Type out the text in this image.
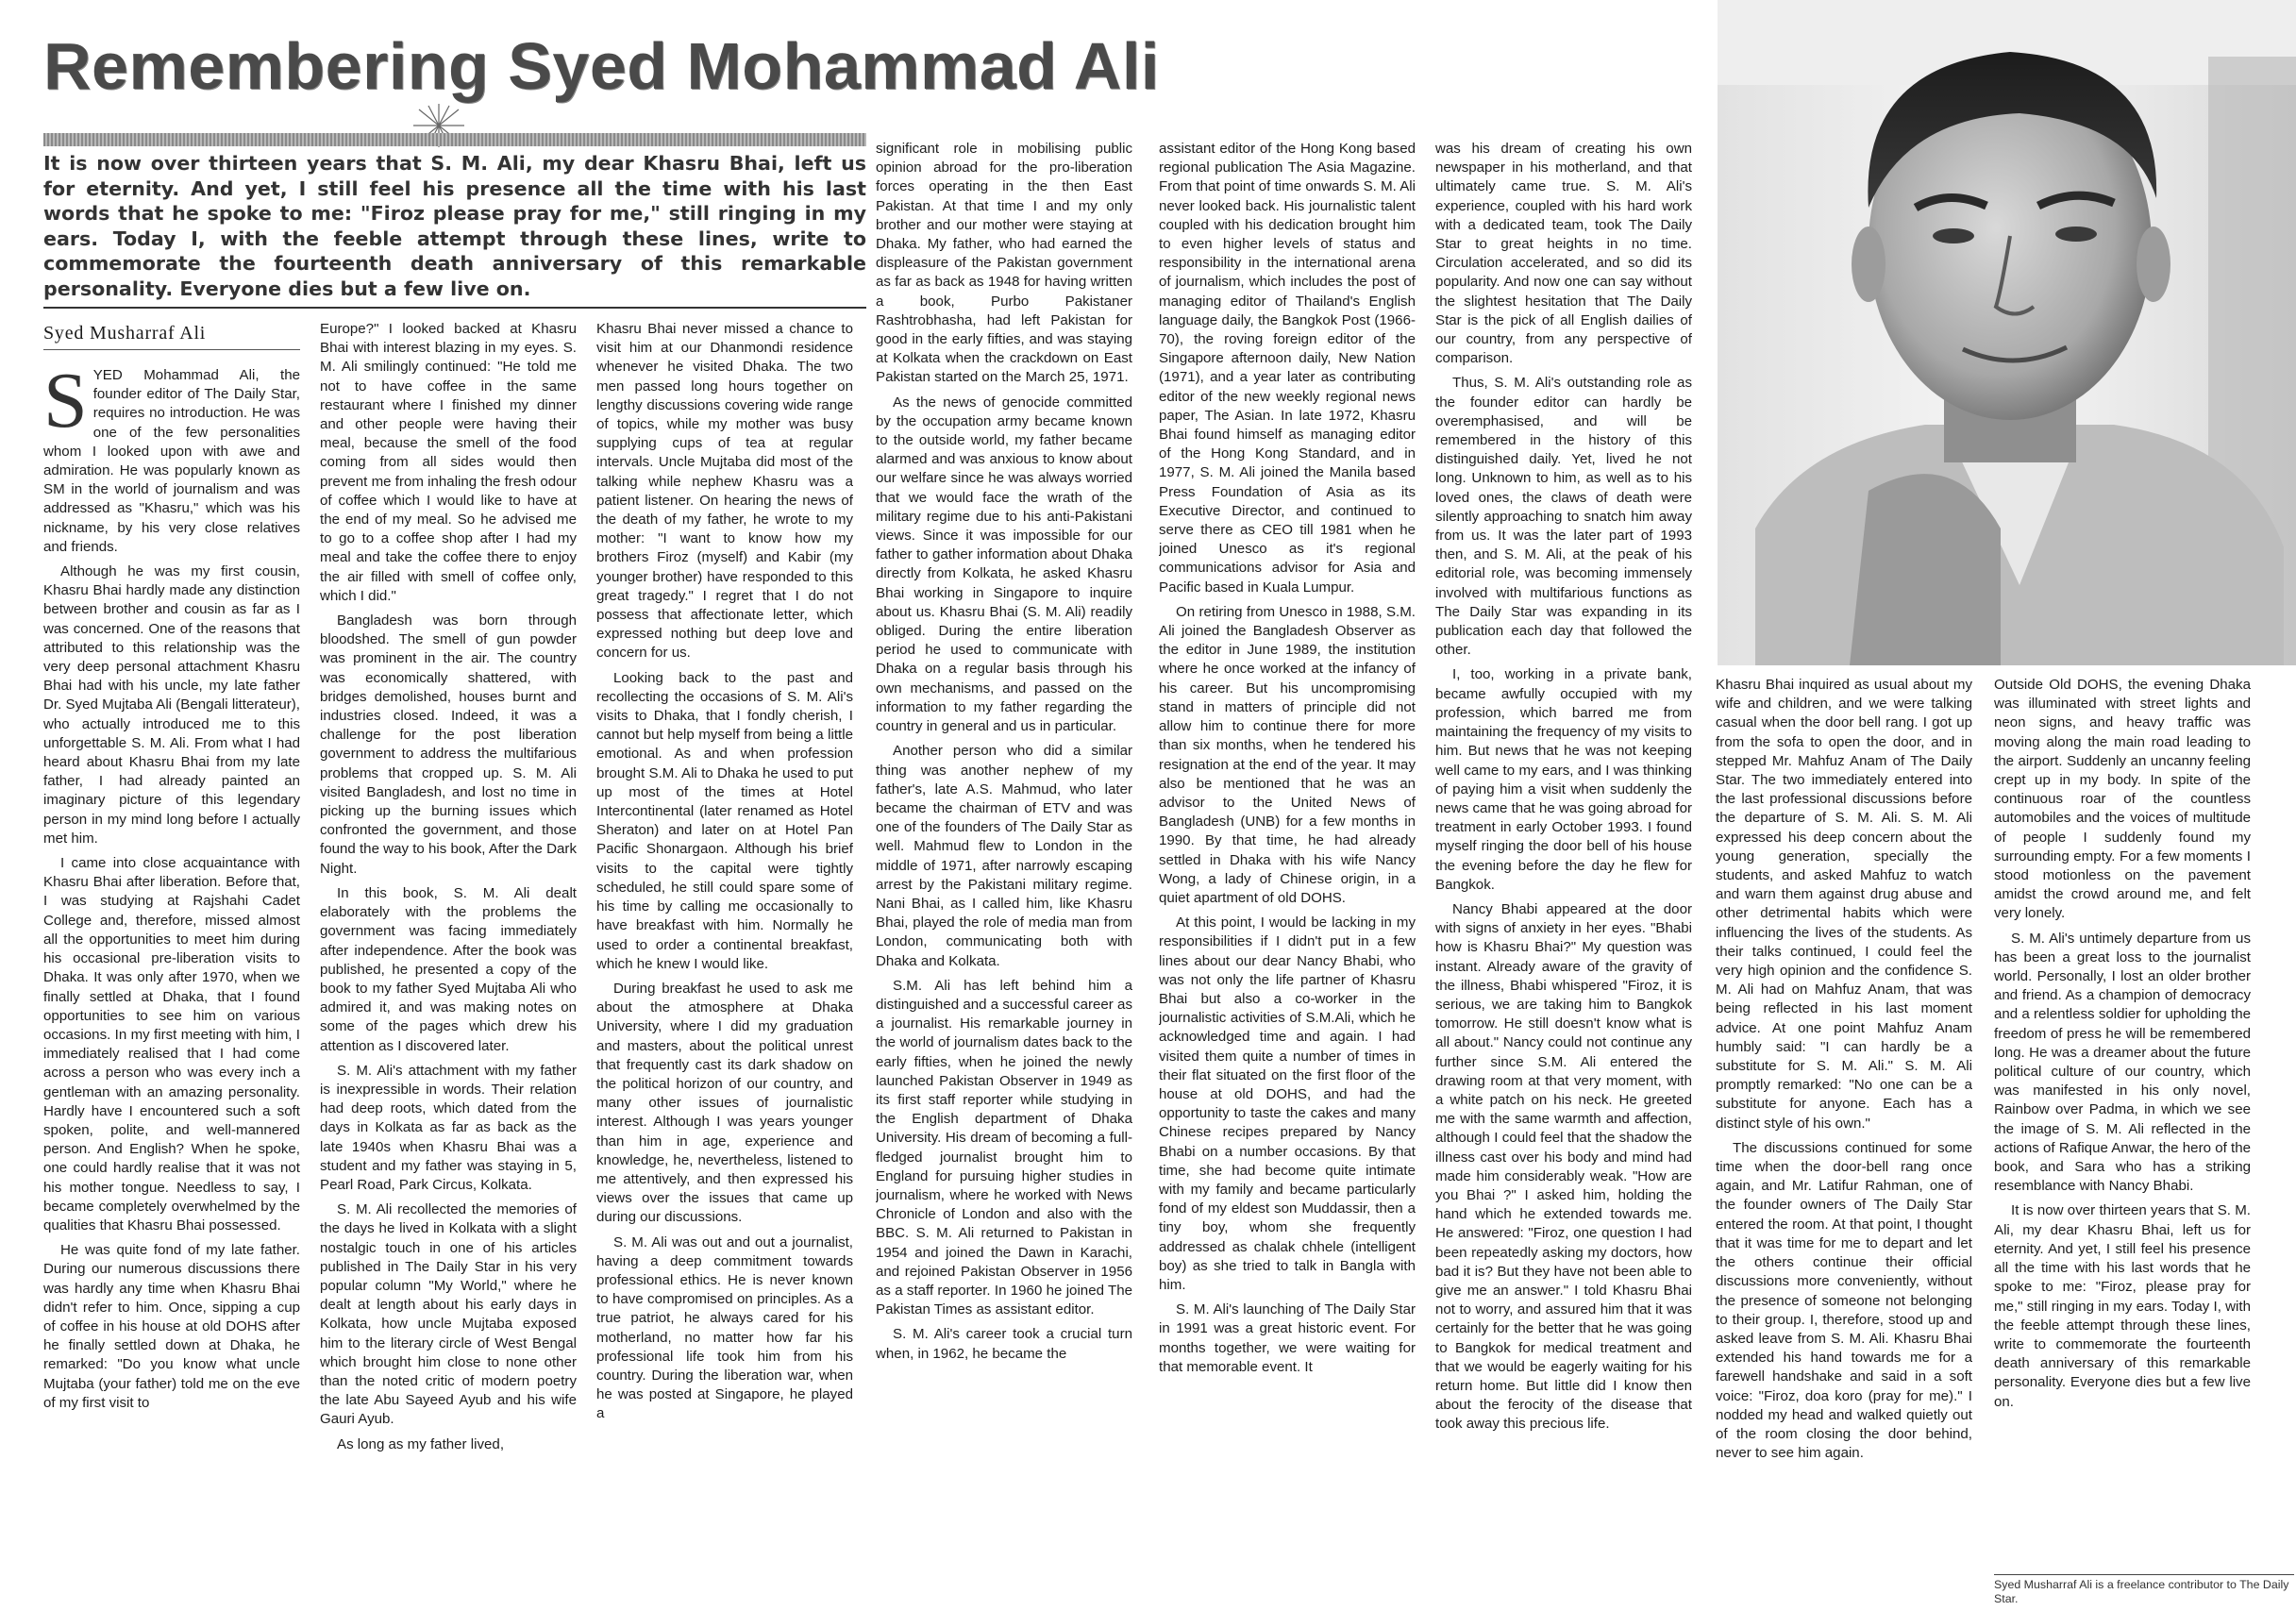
Remembering Syed Mohammad Ali

It is now over thirteen years that S. M. Ali, my dear Khasru Bhai, left us for eternity. And yet, I still feel his presence all the time with his last words that he spoke to me: "Firoz please pray for me," still ringing in my ears. Today I, with the feeble attempt through these lines, write to commemorate the fourteenth death anniversary of this remarkable personality. Everyone dies but a few live on.

Syed Musharraf Ali

SYED Mohammad Ali, the founder editor of The Daily Star, requires no introduction. He was one of the few personalities whom I looked upon with awe and admiration. He was popularly known as SM in the world of journalism and was addressed as "Khasru," which was his nickname, by his very close relatives and friends.

Although he was my first cousin, Khasru Bhai hardly made any distinction between brother and cousin as far as I was concerned. One of the reasons that attributed to this relationship was the very deep personal attachment Khasru Bhai had with his uncle, my late father Dr. Syed Mujtaba Ali (Bengali litterateur), who actually introduced me to this unforgettable S. M. Ali. From what I had heard about Khasru Bhai from my late father, I had already painted an imaginary picture of this legendary person in my mind long before I actually met him.

I came into close acquaintance with Khasru Bhai after liberation. Before that, I was studying at Rajshahi Cadet College and, therefore, missed almost all the opportunities to meet him during his occasional pre-liberation visits to Dhaka. It was only after 1970, when we finally settled at Dhaka, that I found opportunities to see him on various occasions. In my first meeting with him, I immediately realised that I had come across a person who was every inch a gentleman with an amazing personality. Hardly have I encountered such a soft spoken, polite, and well-mannered person. And English? When he spoke, one could hardly realise that it was not his mother tongue. Needless to say, I became completely overwhelmed by the qualities that Khasru Bhai possessed.

He was quite fond of my late father. During our numerous discussions there was hardly any time when Khasru Bhai didn't refer to him. Once, sipping a cup of coffee in his house at old DOHS after he finally settled down at Dhaka, he remarked: "Do you know what uncle Mujtaba (your father) told me on the eve of my first visit to

Europe?" I looked backed at Khasru Bhai with interest blazing in my eyes. S. M. Ali smilingly continued: "He told me not to have coffee in the same restaurant where I finished my dinner and other people were having their meal, because the smell of the food coming from all sides would then prevent me from inhaling the fresh odour of coffee which I would like to have at the end of my meal. So he advised me to go to a coffee shop after I had my meal and take the coffee there to enjoy the air filled with smell of coffee only, which I did."

Bangladesh was born through bloodshed. The smell of gun powder was prominent in the air. The country was economically shattered, with bridges demolished, houses burnt and industries closed. Indeed, it was a challenge for the post liberation government to address the multifarious problems that cropped up. S. M. Ali visited Bangladesh, and lost no time in picking up the burning issues which confronted the government, and those found the way to his book, After the Dark Night.

In this book, S. M. Ali dealt elaborately with the problems the government was facing immediately after independence. After the book was published, he presented a copy of the book to my father Syed Mujtaba Ali who admired it, and was making notes on some of the pages which drew his attention as I discovered later.

S. M. Ali's attachment with my father is inexpressible in words. Their relation had deep roots, which dated from the days in Kolkata as far as back as the late 1940s when Khasru Bhai was a student and my father was staying in 5, Pearl Road, Park Circus, Kolkata.

S. M. Ali recollected the memories of the days he lived in Kolkata with a slight nostalgic touch in one of his articles published in The Daily Star in his very popular column "My World," where he dealt at length about his early days in Kolkata, how uncle Mujtaba exposed him to the literary circle of West Bengal which brought him close to none other than the noted critic of modern poetry the late Abu Sayeed Ayub and his wife Gauri Ayub.

As long as my father lived,

Khasru Bhai never missed a chance to visit him at our Dhanmondi residence whenever he visited Dhaka. The two men passed long hours together on lengthy discussions covering wide range of topics, while my mother was busy supplying cups of tea at regular intervals. Uncle Mujtaba did most of the talking while nephew Khasru was a patient listener. On hearing the news of the death of my father, he wrote to my mother: "I want to know how my brothers Firoz (myself) and Kabir (my younger brother) have responded to this great tragedy." I regret that I do not possess that affectionate letter, which expressed nothing but deep love and concern for us.

Looking back to the past and recollecting the occasions of S. M. Ali's visits to Dhaka, that I fondly cherish, I cannot but help myself from being a little emotional. As and when profession brought S.M. Ali to Dhaka he used to put up most of the times at Hotel Intercontinental (later renamed as Hotel Sheraton) and later on at Hotel Pan Pacific Shonargaon. Although his brief visits to the capital were tightly scheduled, he still could spare some of his time by calling me occasionally to have breakfast with him. Normally he used to order a continental breakfast, which he knew I would like.

During breakfast he used to ask me about the atmosphere at Dhaka University, where I did my graduation and masters, about the political unrest that frequently cast its dark shadow on the political horizon of our country, and many other issues of journalistic interest. Although I was years younger than him in age, experience and knowledge, he, nevertheless, listened to me attentively, and then expressed his views over the issues that came up during our discussions.

S. M. Ali was out and out a journalist, having a deep commitment towards professional ethics. He is never known to have compromised on principles. As a true patriot, he always cared for his motherland, no matter how far his professional life took him from his country. During the liberation war, when he was posted at Singapore, he played a

significant role in mobilising public opinion abroad for the pro-liberation forces operating in the then East Pakistan. At that time I and my only brother and our mother were staying at Dhaka. My father, who had earned the displeasure of the Pakistan government as far as back as 1948 for having written a book, Purbo Pakistaner Rashtrobhasha, had left Pakistan for good in the early fifties, and was staying at Kolkata when the crackdown on East Pakistan started on the March 25, 1971.

As the news of genocide committed by the occupation army became known to the outside world, my father became alarmed and was anxious to know about our welfare since he was always worried that we would face the wrath of the military regime due to his anti-Pakistani views. Since it was impossible for our father to gather information about Dhaka directly from Kolkata, he asked Khasru Bhai working in Singapore to inquire about us. Khasru Bhai (S. M. Ali) readily obliged. During the entire liberation period he used to communicate with Dhaka on a regular basis through his own mechanisms, and passed on the information to my father regarding the country in general and us in particular.

Another person who did a similar thing was another nephew of my father's, late A.S. Mahmud, who later became the chairman of ETV and was one of the founders of The Daily Star as well. Mahmud flew to London in the middle of 1971, after narrowly escaping arrest by the Pakistani military regime. Nani Bhai, as I called him, like Khasru Bhai, played the role of media man from London, communicating both with Dhaka and Kolkata.

S.M. Ali has left behind him a distinguished and a successful career as a journalist. His remarkable journey in the world of journalism dates back to the early fifties, when he joined the newly launched Pakistan Observer in 1949 as its first staff reporter while studying in the English department of Dhaka University. His dream of becoming a full-fledged journalist brought him to England for pursuing higher studies in journalism, where he worked with News Chronicle of London and also with the BBC. S. M. Ali returned to Pakistan in 1954 and joined the Dawn in Karachi, and rejoined Pakistan Observer in 1956 as a staff reporter. In 1960 he joined The Pakistan Times as assistant editor.

S. M. Ali's career took a crucial turn when, in 1962, he became the

assistant editor of the Hong Kong based regional publication The Asia Magazine. From that point of time onwards S. M. Ali never looked back. His journalistic talent coupled with his dedication brought him to even higher levels of status and responsibility in the international arena of journalism, which includes the post of managing editor of Thailand's English language daily, the Bangkok Post (1966-70), the roving foreign editor of the Singapore afternoon daily, New Nation (1971), and a year later as contributing editor of the new weekly regional news paper, The Asian. In late 1972, Khasru Bhai found himself as managing editor of the Hong Kong Standard, and in 1977, S. M. Ali joined the Manila based Press Foundation of Asia as its Executive Director, and continued to serve there as CEO till 1981 when he joined Unesco as it's regional communications advisor for Asia and Pacific based in Kuala Lumpur.

On retiring from Unesco in 1988, S.M. Ali joined the Bangladesh Observer as the editor in June 1989, the institution where he once worked at the infancy of his career. But his uncompromising stand in matters of principle did not allow him to continue there for more than six months, when he tendered his resignation at the end of the year. It may also be mentioned that he was an advisor to the United News of Bangladesh (UNB) for a few months in 1990. By that time, he had already settled in Dhaka with his wife Nancy Wong, a lady of Chinese origin, in a quiet apartment of old DOHS.

At this point, I would be lacking in my responsibilities if I didn't put in a few lines about our dear Nancy Bhabi, who was not only the life partner of Khasru Bhai but also a co-worker in the journalistic activities of S.M.Ali, which he acknowledged time and again. I had visited them quite a number of times in their flat situated on the first floor of the house at old DOHS, and had the opportunity to taste the cakes and many Chinese recipes prepared by Nancy Bhabi on a number occasions. By that time, she had become quite intimate with my family and became particularly fond of my eldest son Muddassir, then a tiny boy, whom she frequently addressed as chalak chhele (intelligent boy) as she tried to talk in Bangla with him.

S. M. Ali's launching of The Daily Star in 1991 was a great historic event. For months together, we were waiting for that memorable event. It

was his dream of creating his own newspaper in his motherland, and that ultimately came true. S. M. Ali's experience, coupled with his hard work with a dedicated team, took The Daily Star to great heights in no time. Circulation accelerated, and so did its popularity. And now one can say without the slightest hesitation that The Daily Star is the pick of all English dailies of our country, from any perspective of comparison.

Thus, S. M. Ali's outstanding role as the founder editor can hardly be overemphasised, and will be remembered in the history of this distinguished daily. Yet, lived he not long. Unknown to him, as well as to his loved ones, the claws of death were silently approaching to snatch him away from us. It was the later part of 1993 then, and S. M. Ali, at the peak of his editorial role, was becoming immensely involved with multifarious functions as The Daily Star was expanding in its publication each day that followed the other.

I, too, working in a private bank, became awfully occupied with my profession, which barred me from maintaining the frequency of my visits to him. But news that he was not keeping well came to my ears, and I was thinking of paying him a visit when suddenly the news came that he was going abroad for treatment in early October 1993. I found myself ringing the door bell of his house the evening before the day he flew for Bangkok.

Nancy Bhabi appeared at the door with signs of anxiety in her eyes. "Bhabi how is Khasru Bhai?" My question was instant. Already aware of the gravity of the illness, Bhabi whispered "Firoz, it is serious, we are taking him to Bangkok tomorrow. He still doesn't know what is all about." Nancy could not continue any further since S.M. Ali entered the drawing room at that very moment, with a white patch on his neck. He greeted me with the same warmth and affection, although I could feel that the shadow the illness cast over his body and mind had made him considerably weak. "How are you Bhai ?" I asked him, holding the hand which he extended towards me. He answered: "Firoz, one question I had been repeatedly asking my doctors, how bad it is? But they have not been able to give me an answer." I told Khasru Bhai not to worry, and assured him that it was certainly for the better that he was going to Bangkok for medical treatment and that we would be eagerly waiting for his return home. But little did I know then about the ferocity of the disease that took away this precious life.

Khasru Bhai inquired as usual about my wife and children, and we were talking casual when the door bell rang. I got up from the sofa to open the door, and in stepped Mr. Mahfuz Anam of The Daily Star. The two immediately entered into the last professional discussions before the departure of S. M. Ali. S. M. Ali expressed his deep concern about the young generation, specially the students, and asked Mahfuz to watch and warn them against drug abuse and other detrimental habits which were influencing the lives of the students. As their talks continued, I could feel the very high opinion and the confidence S. M. Ali had on Mahfuz Anam, that was being reflected in his last moment advice. At one point Mahfuz Anam humbly said: "I can hardly be a substitute for S. M. Ali." S. M. Ali promptly remarked: "No one can be a substitute for anyone. Each has a distinct style of his own."

The discussions continued for some time when the door-bell rang once again, and Mr. Latifur Rahman, one of the founder owners of The Daily Star entered the room. At that point, I thought that it was time for me to depart and let the others continue their official discussions more conveniently, without the presence of someone not belonging to their group. I, therefore, stood up and asked leave from S. M. Ali. Khasru Bhai extended his hand towards me for a farewell handshake and said in a soft voice: "Firoz, doa koro (pray for me)." I nodded my head and walked quietly out of the room closing the door behind, never to see him again.

Outside Old DOHS, the evening Dhaka was illuminated with street lights and neon signs, and heavy traffic was moving along the main road leading to the airport. Suddenly an uncanny feeling crept up in my body. In spite of the continuous roar of the countless automobiles and the voices of multitude of people I suddenly found my surrounding empty. For a few moments I stood motionless on the pavement amidst the crowd around me, and felt very lonely.

S. M. Ali's untimely departure from us has been a great loss to the journalist world. Personally, I lost an older brother and friend. As a champion of democracy and a relentless soldier for upholding the freedom of press he will be remembered long. He was a dreamer about the future political culture of our country, which was manifested in his only novel, Rainbow over Padma, in which we see the image of S. M. Ali reflected in the actions of Rafique Anwar, the hero of the book, and Sara who has a striking resemblance with Nancy Bhabi.

It is now over thirteen years that S. M. Ali, my dear Khasru Bhai, left us for eternity. And yet, I still feel his presence all the time with his last words that he spoke to me: "Firoz, please pray for me," still ringing in my ears. Today I, with the feeble attempt through these lines, write to commemorate the fourteenth death anniversary of this remarkable personality. Everyone dies but a few live on.

Syed Musharraf Ali is a freelance contributor to The Daily Star.
